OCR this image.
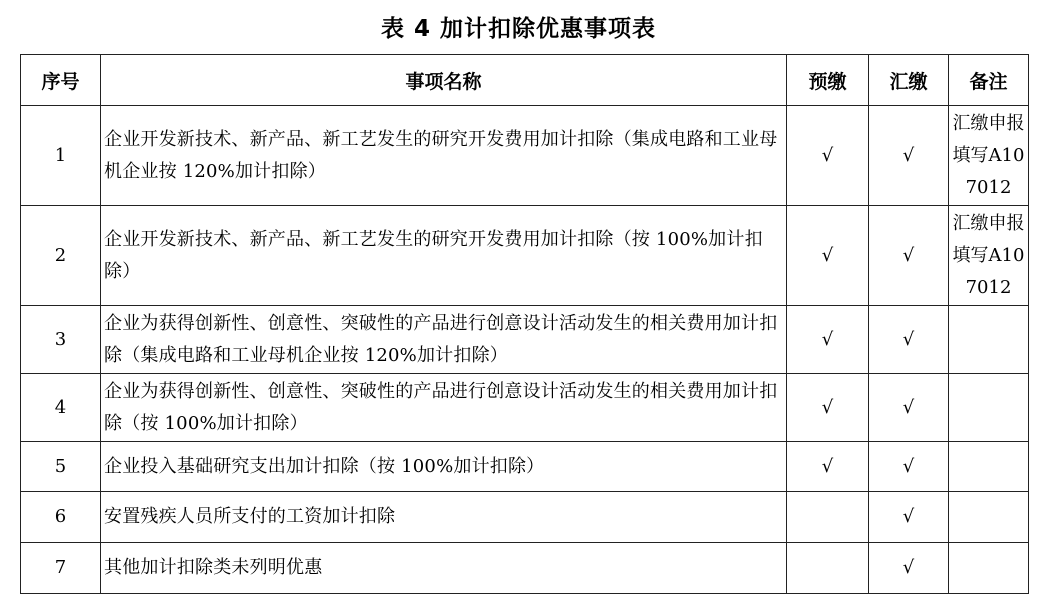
表 4 加计扣除优惠事项表
序号	事项名称	预缴	汇缴	备注
1	企业开发新技术、新产品、新工艺发生的研究开发费用加计扣除（集成电路和工业母机企业按 120%加计扣除）	√	√	汇缴申报填写A107012
2	企业开发新技术、新产品、新工艺发生的研究开发费用加计扣除（按 100%加计扣除）	√	√	汇缴申报填写A107012
3	企业为获得创新性、创意性、突破性的产品进行创意设计活动发生的相关费用加计扣除（集成电路和工业母机企业按 120%加计扣除）	√	√	
4	企业为获得创新性、创意性、突破性的产品进行创意设计活动发生的相关费用加计扣除（按 100%加计扣除）	√	√	
5	企业投入基础研究支出加计扣除（按 100%加计扣除）	√	√	
6	安置残疾人员所支付的工资加计扣除		√	
7	其他加计扣除类未列明优惠		√	
